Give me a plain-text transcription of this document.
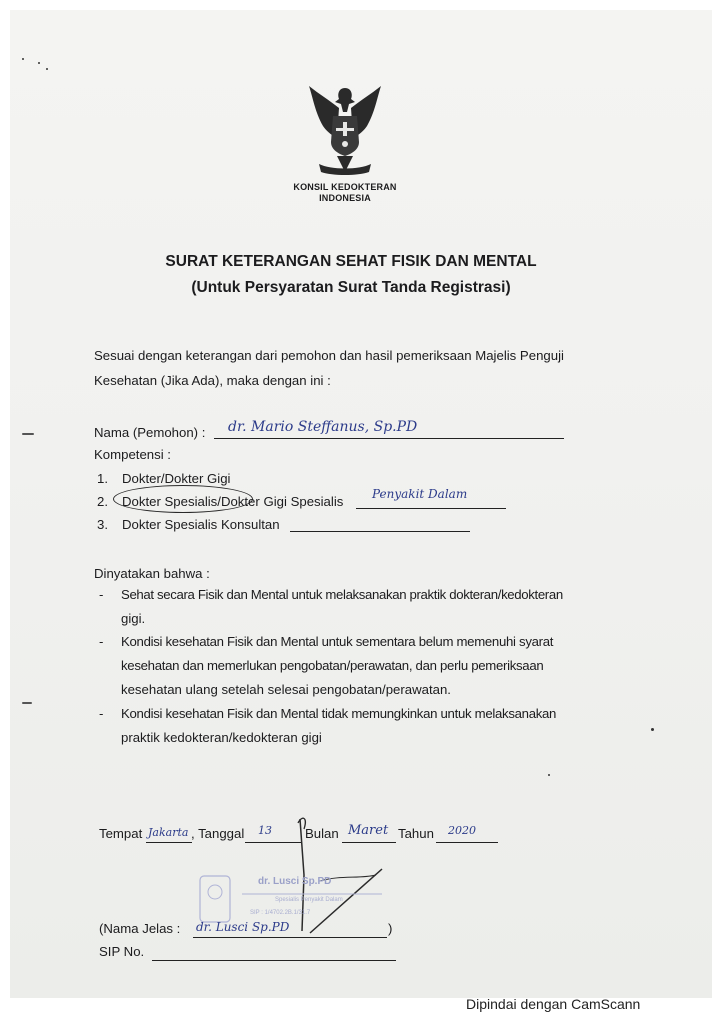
KONSIL KEDOKTERAN
INDONESIA
SURAT KETERANGAN SEHAT FISIK DAN MENTAL
(Untuk Persyaratan Surat Tanda Registrasi)
Sesuai dengan keterangan dari pemohon dan hasil pemeriksaan Majelis Penguji
Kesehatan (Jika Ada), maka dengan ini :
Nama (Pemohon) : dr. Mario Steffanus, Sp.PD
Kompetensi :
1. Dokter/Dokter Gigi
2. Dokter Spesialis/Dokter Gigi Spesialis Penyakit Dalam
3. Dokter Spesialis Konsultan
Dinyatakan bahwa :
- Sehat secara Fisik dan Mental untuk melaksanakan praktik dokteran/kedokteran
gigi.
- Kondisi kesehatan Fisik dan Mental untuk sementara belum memenuhi syarat
kesehatan dan memerlukan pengobatan/perawatan, dan perlu pemeriksaan
kesehatan ulang setelah selesai pengobatan/perawatan.
- Kondisi kesehatan Fisik dan Mental tidak memungkinkan untuk melaksanakan
praktik kedokteran/kedokteran gigi
Tempat Jakarta , Tanggal 13	Bulan Maret Tahun 2020
dr. Lusci Sp.PD
Spesialis Penyakit Dalam
SIP : 1/4702.2B.1/31.7
(Nama Jelas : dr. Lusci Sp.PD	)
SIP No.
Dipindai dengan CamScann
